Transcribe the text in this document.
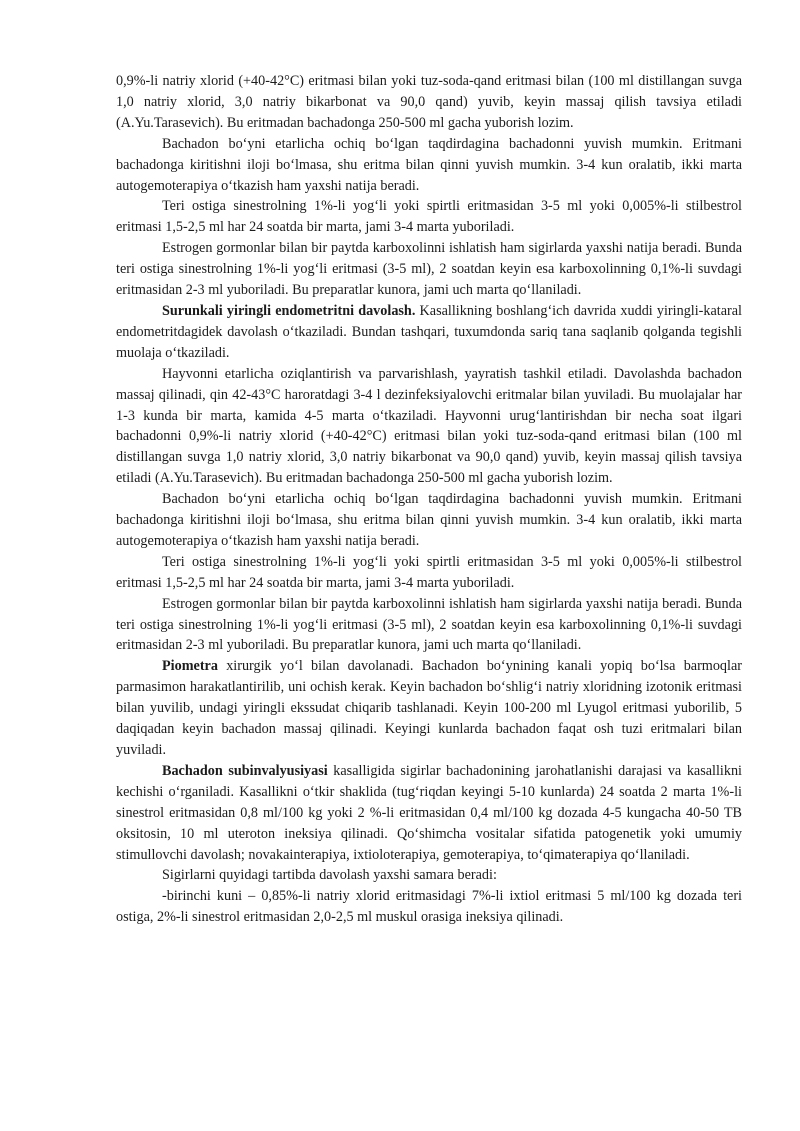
0,9%-li natriy xlorid (+40-42°C) eritmasi bilan yoki tuz-soda-qand eritmasi bilan (100 ml distillangan suvga 1,0 natriy xlorid, 3,0 natriy bikarbonat va 90,0 qand) yuvib, keyin massaj qilish tavsiya etiladi (A.Yu.Tarasevich). Bu eritmadan bachadonga 250-500 ml gacha yuborish lozim.

Bachadon bo‘yni etarlicha ochiq bo‘lgan taqdirdagina bachadonni yuvish mumkin. Eritmani bachadonga kiritishni iloji bo‘lmasa, shu eritma bilan qinni yuvish mumkin. 3-4 kun oralatib, ikki marta autogemoterapiya o‘tkazish ham yaxshi natija beradi.

Teri ostiga sinestrolning 1%-li yog‘li yoki spirtli eritmasidan 3-5 ml yoki 0,005%-li stilbestrol eritmasi 1,5-2,5 ml har 24 soatda bir marta, jami 3-4 marta yuboriladi.

Estrogen gormonlar bilan bir paytda karboxolinni ishlatish ham sigirlarda yaxshi natija beradi. Bunda teri ostiga sinestrolning 1%-li yog‘li eritmasi (3-5 ml), 2 soatdan keyin esa karboxolinning 0,1%-li suvdagi eritmasidan 2-3 ml yuboriladi. Bu preparatlar kunora, jami uch marta qo‘llaniladi.

Surunkali yiringli endometritni davolash. Kasallikning boshlang‘ich davrida xuddi yiringli-kataral endometritdagidek davolash o‘tkaziladi. Bundan tashqari, tuxumdonda sariq tana saqlanib qolganda tegishli muolaja o‘tkaziladi.

Hayvonni etarlicha oziqlantirish va parvarishlash, yayratish tashkil etiladi. Davolashda bachadon massaj qilinadi, qin 42-43°C haroratdagi 3-4 l dezinfeksiyalovchi eritmalar bilan yuviladi. Bu muolajalar har 1-3 kunda bir marta, kamida 4-5 marta o‘tkaziladi. Hayvonni urug‘lantirishdan bir necha soat ilgari bachadonni 0,9%-li natriy xlorid (+40-42°C) eritmasi bilan yoki tuz-soda-qand eritmasi bilan (100 ml distillangan suvga 1,0 natriy xlorid, 3,0 natriy bikarbonat va 90,0 qand) yuvib, keyin massaj qilish tavsiya etiladi (A.Yu.Tarasevich). Bu eritmadan bachadonga 250-500 ml gacha yuborish lozim.

Bachadon bo‘yni etarlicha ochiq bo‘lgan taqdirdagina bachadonni yuvish mumkin. Eritmani bachadonga kiritishni iloji bo‘lmasa, shu eritma bilan qinni yuvish mumkin. 3-4 kun oralatib, ikki marta autogemoterapiya o‘tkazish ham yaxshi natija beradi.

Teri ostiga sinestrolning 1%-li yog‘li yoki spirtli eritmasidan 3-5 ml yoki 0,005%-li stilbestrol eritmasi 1,5-2,5 ml har 24 soatda bir marta, jami 3-4 marta yuboriladi.

Estrogen gormonlar bilan bir paytda karboxolinni ishlatish ham sigirlarda yaxshi natija beradi. Bunda teri ostiga sinestrolning 1%-li yog‘li eritmasi (3-5 ml), 2 soatdan keyin esa karboxolinning 0,1%-li suvdagi eritmasidan 2-3 ml yuboriladi. Bu preparatlar kunora, jami uch marta qo‘llaniladi.

Piometra xirurgik yo‘l bilan davolanadi. Bachadon bo‘ynining kanali yopiq bo‘lsa barmoqlar parmasimon harakatlantirilib, uni ochish kerak. Keyin bachadon bo‘shlig‘i natriy xloridning izotonik eritmasi bilan yuvilib, undagi yiringli ekssudat chiqarib tashlanadi. Keyin 100-200 ml Lyugol eritmasi yuborilib, 5 daqiqadan keyin bachadon massaj qilinadi. Keyingi kunlarda bachadon faqat osh tuzi eritmalari bilan yuviladi.

Bachadon subinvalyusiyasi kasalligida sigirlar bachadonining jarohatlanishi darajasi va kasallikni kechishi o‘rganiladi. Kasallikni o‘tkir shaklida (tug‘riqdan keyingi 5-10 kunlarda) 24 soatda 2 marta 1%-li sinestrol eritmasidan 0,8 ml/100 kg yoki 2 %-li eritmasidan 0,4 ml/100 kg dozada 4-5 kungacha 40-50 TB oksitosin, 10 ml uteroton ineksiya qilinadi. Qo‘shimcha vositalar sifatida patogenetik yoki umumiy stimullovchi davolash; novakainterapiya, ixtioloterapiya, gemoterapiya, to‘qimaterapiya qo‘llaniladi.

Sigirlarni quyidagi tartibda davolash yaxshi samara beradi:

-birinchi kuni – 0,85%-li natriy xlorid eritmasidagi 7%-li ixtiol eritmasi 5 ml/100 kg dozada teri ostiga, 2%-li sinestrol eritmasidan 2,0-2,5 ml muskul orasiga ineksiya qilinadi.
